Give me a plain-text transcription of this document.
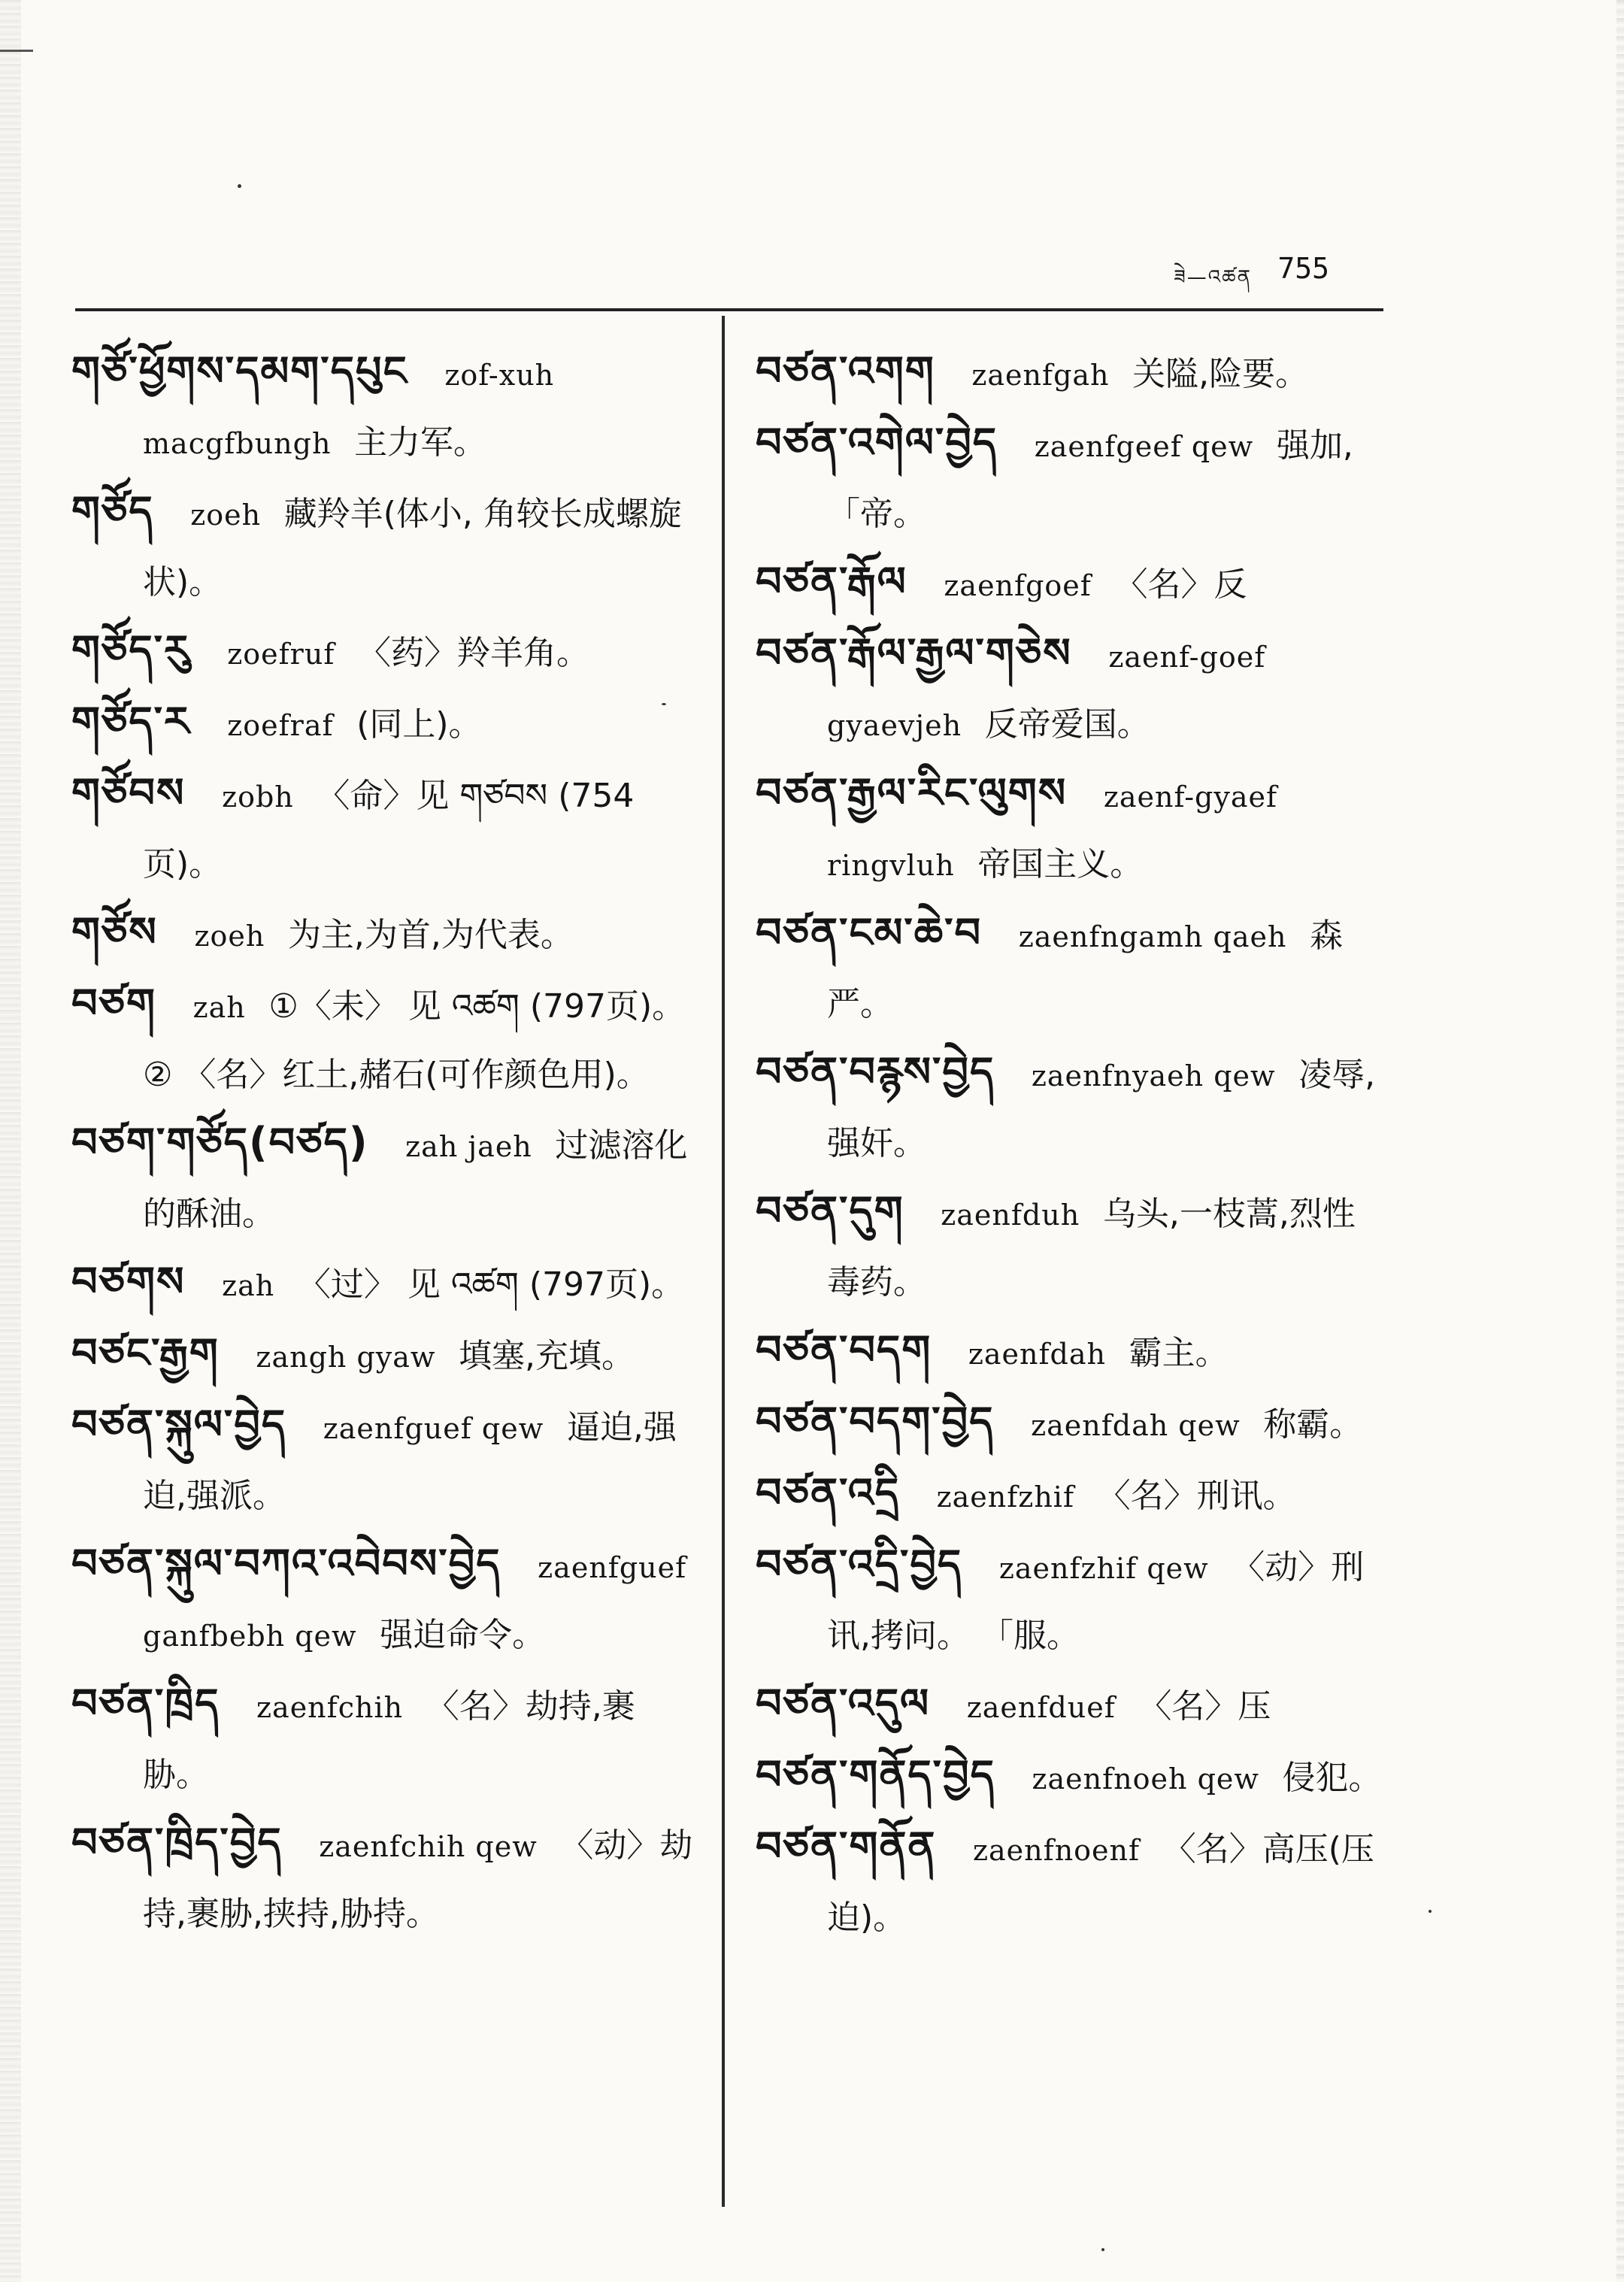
ཟེ—འཚན 755
གཙོ་ཕྱོགས་དམག་དཔུང zof-xuh macgfbungh 主力军。
གཙོད zoeh 藏羚羊(体小, 角较长成螺旋状)。
གཙོད་རུ zoefruf 〈药〉羚羊角。
གཙོད་ར zoefraf (同上)。
གཙོབས zobh 〈命〉见 གཙབས (754页)。
གཙོས zoeh 为主,为首,为代表。
བཙག zah ①〈未〉 见 འཚག (797页)。 ② 〈名〉红土,赭石(可作颜色用)。
བཙག་གཙོད(བཙད) zah jaeh 过滤溶化的酥油。
བཙགས zah 〈过〉 见 འཚག (797页)。
བཙང་རྒྱག zangh gyaw 填塞,充填。
བཙན་སྐུལ་བྱེད zaenfguef qew 逼迫,强迫,强派。
བཙན་སྐུལ་བཀའ་འབེབས་བྱེད zaenfguef ganfbebh qew 强迫命令。
བཙན་ཁྲིད zaenfchih 〈名〉劫持,裹胁。
བཙན་ཁྲིད་བྱེད zaenfchih qew 〈动〉劫持,裹胁,挟持,胁持。
བཙན་འགག zaenfgah 关隘,险要。
བཙན་འགེལ་བྱེད zaenfgeef qew 强加, 「帝。
བཙན་རྒོལ zaenfgoef 〈名〉反
བཙན་རྒོལ་རྒྱལ་གཅེས zaenf-goef gyaevjeh 反帝爱国。
བཙན་རྒྱལ་རིང་ལུགས zaenf-gyaef ringvluh 帝国主义。
བཙན་ངམ་ཆེ་བ zaenfngamh qaeh 森严。
བཙན་བརྙས་བྱེད zaenfnyaeh qew 凌辱,强奸。
བཙན་དུག zaenfduh 乌头,一枝蒿,烈性毒药。
བཙན་བདག zaenfdah 霸主。
བཙན་བདག་བྱེད zaenfdah qew 称霸。
བཙན་འདྲི zaenfzhif 〈名〉刑讯。
བཙན་འདྲི་བྱེད zaenfzhif qew 〈动〉刑讯,拷问。 「服。
བཙན་འདུལ zaenfduef 〈名〉压
བཙན་གནོད་བྱེད zaenfnoeh qew 侵犯。
བཙན་གནོན zaenfnoenf 〈名〉高压(压迫)。
